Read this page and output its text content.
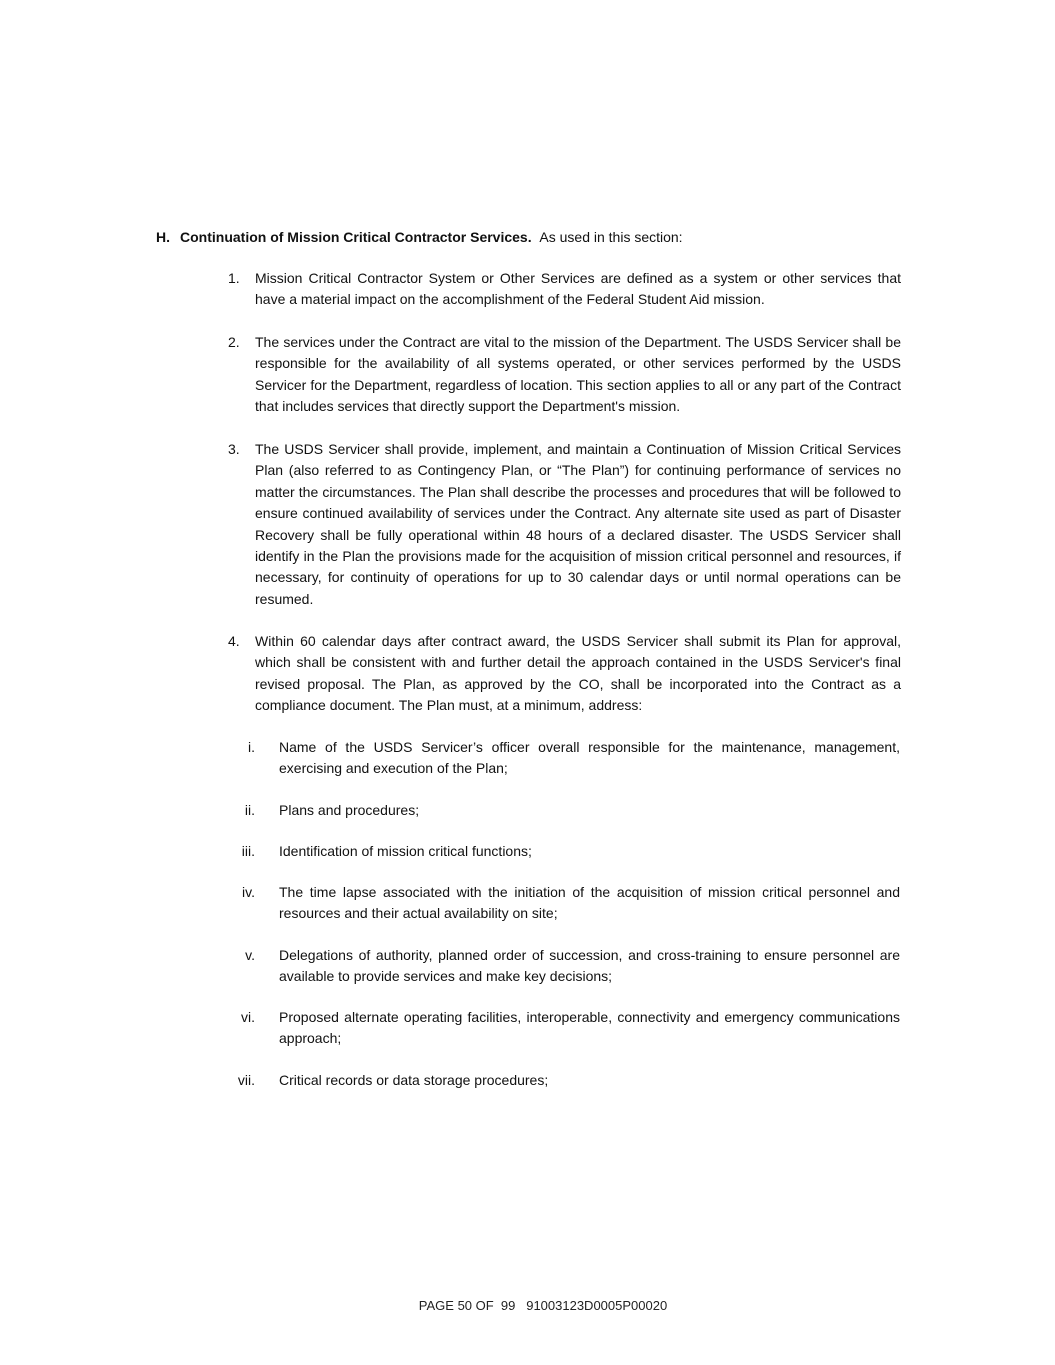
H. Continuation of Mission Critical Contractor Services. As used in this section:
1.	Mission Critical Contractor System or Other Services are defined as a system or other services that have a material impact on the accomplishment of the Federal Student Aid mission.
2.	The services under the Contract are vital to the mission of the Department. The USDS Servicer shall be responsible for the availability of all systems operated, or other services performed by the USDS Servicer for the Department, regardless of location. This section applies to all or any part of the Contract that includes services that directly support the Department's mission.
3.	The USDS Servicer shall provide, implement, and maintain a Continuation of Mission Critical Services Plan (also referred to as Contingency Plan, or “The Plan”) for continuing performance of services no matter the circumstances. The Plan shall describe the processes and procedures that will be followed to ensure continued availability of services under the Contract. Any alternate site used as part of Disaster Recovery shall be fully operational within 48 hours of a declared disaster. The USDS Servicer shall identify in the Plan the provisions made for the acquisition of mission critical personnel and resources, if necessary, for continuity of operations for up to 30 calendar days or until normal operations can be resumed.
4.	Within 60 calendar days after contract award, the USDS Servicer shall submit its Plan for approval, which shall be consistent with and further detail the approach contained in the USDS Servicer's final revised proposal. The Plan, as approved by the CO, shall be incorporated into the Contract as a compliance document. The Plan must, at a minimum, address:
i. Name of the USDS Servicer’s officer overall responsible for the maintenance, management, exercising and execution of the Plan;
ii. Plans and procedures;
iii. Identification of mission critical functions;
iv. The time lapse associated with the initiation of the acquisition of mission critical personnel and resources and their actual availability on site;
v. Delegations of authority, planned order of succession, and cross-training to ensure personnel are available to provide services and make key decisions;
vi. Proposed alternate operating facilities, interoperable, connectivity and emergency communications approach;
vii. Critical records or data storage procedures;
PAGE 50 OF  99   91003123D0005P00020
